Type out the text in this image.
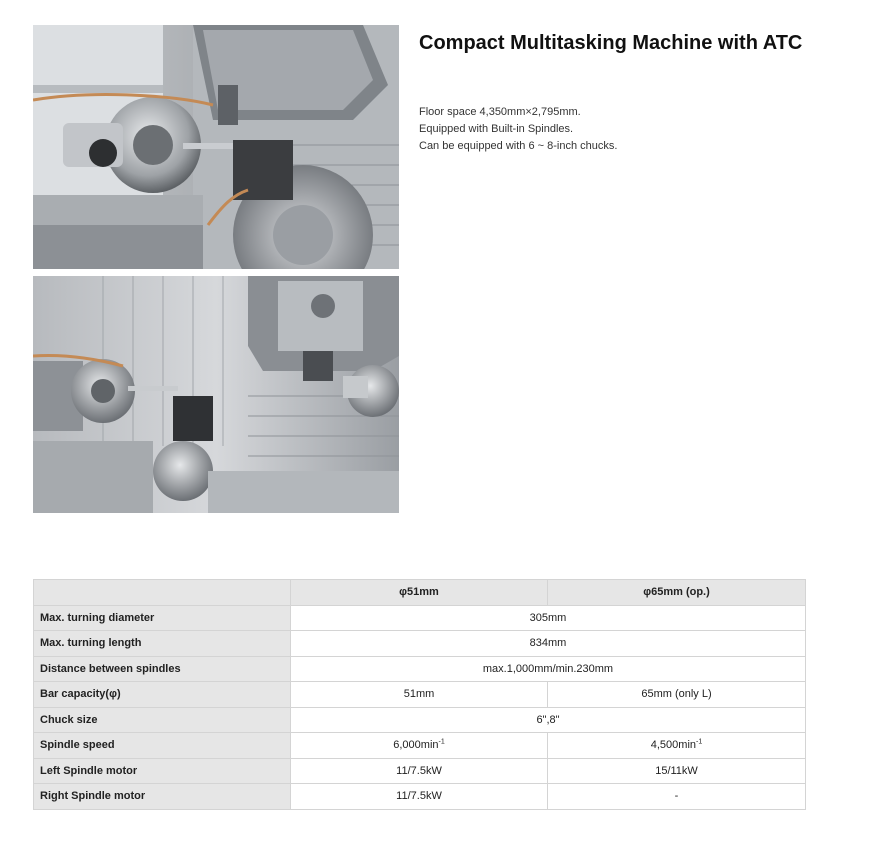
Compact Multitasking Machine with ATC
Floor space 4,350mm×2,795mm.
Equipped with Built-in Spindles.
Can be equipped with 6 ~ 8-inch chucks.
	φ51mm	φ65mm (op.)
Max. turning diameter	305mm	
Max. turning length	834mm	
Distance between spindles	max.1,000mm/min.230mm	
Bar capacity(φ)	51mm	65mm (only L)
Chuck size	6",8"	
Spindle speed	$6,000\min^{-1}$	$4,500\min^{-1}$
Left Spindle motor	11/7.5kW	15/11kW
Right Spindle motor	11/7.5kW	-
